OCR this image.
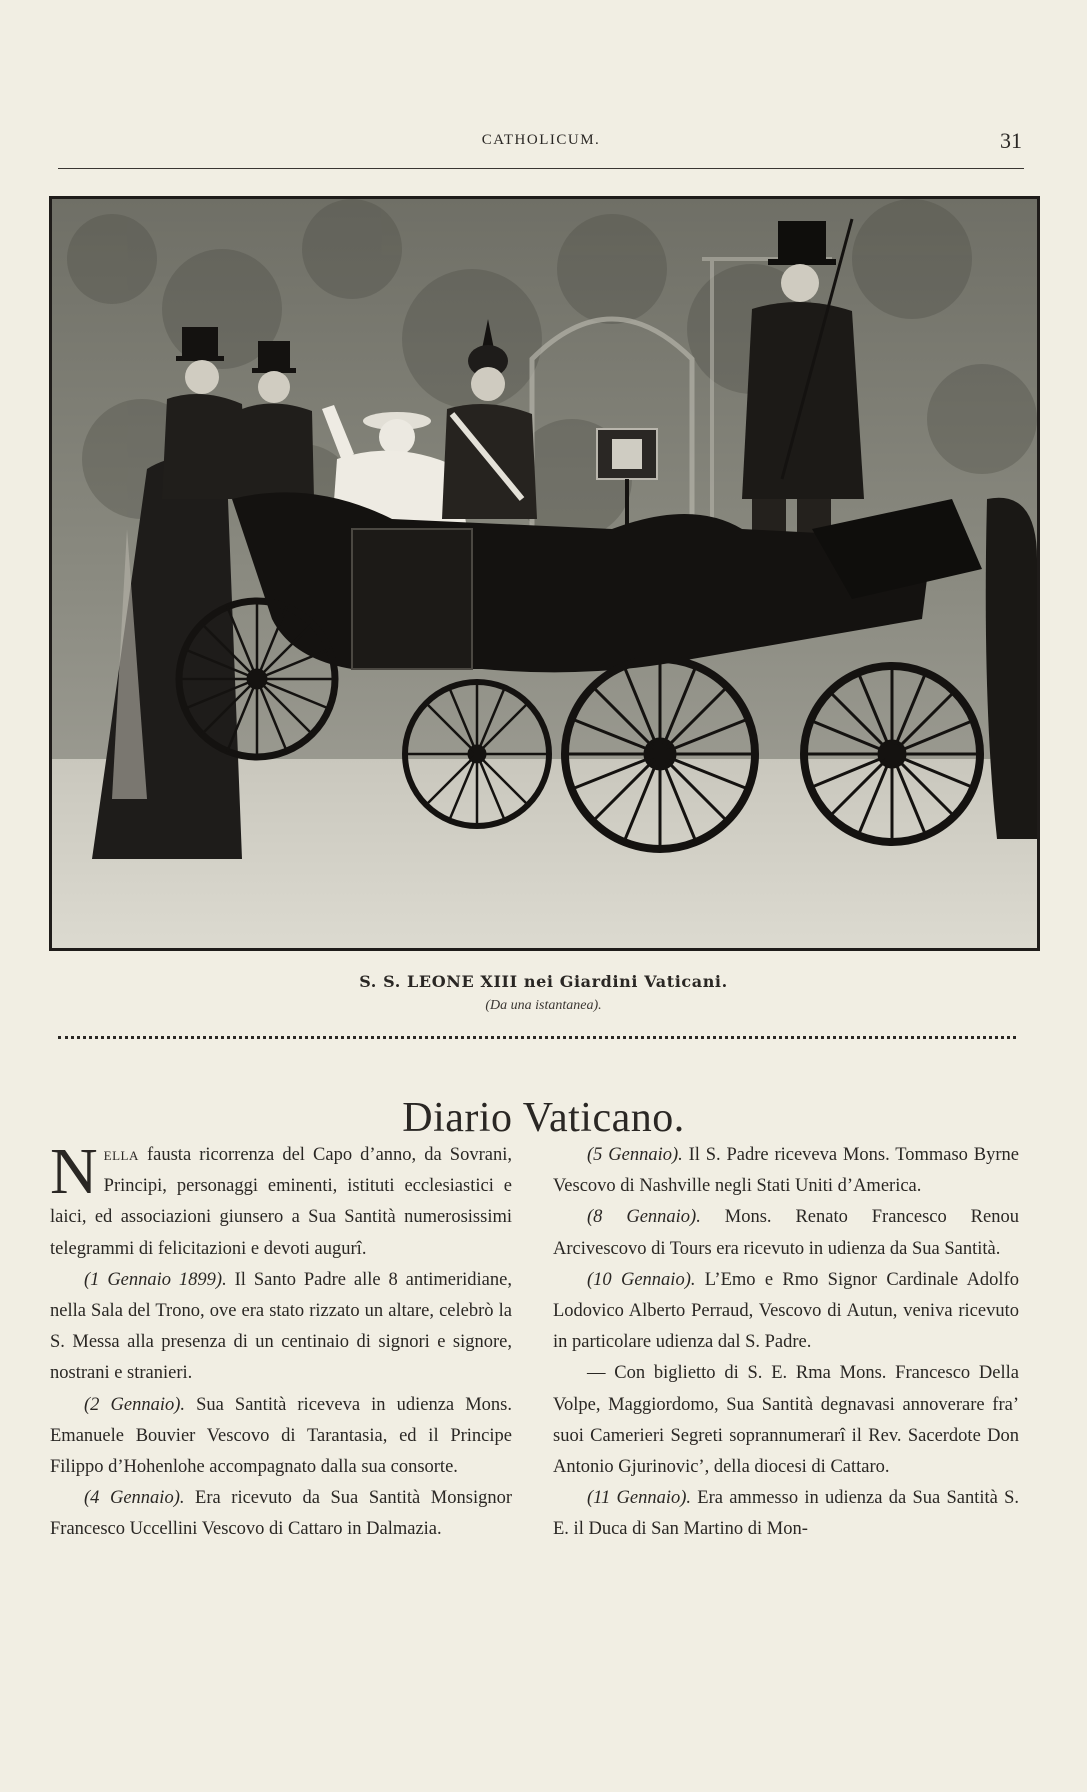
CATHOLICUM.	31
S. S. LEONE XIII nei Giardini Vaticani.
(Da una istantanea).
Diario Vaticano.

Nella fausta ricorrenza del Capo d’anno, da Sovrani, Principi, personaggi eminenti, istituti ecclesiastici e laici, ed associazioni giunsero a Sua Santità numerosissimi telegrammi di felicitazioni e devoti augurî.

(1 Gennaio 1899). Il Santo Padre alle 8 antimeridiane, nella Sala del Trono, ove era stato rizzato un altare, celebrò la S. Messa alla presenza di un centinaio di signori e signore, nostrani e stranieri.

(2 Gennaio). Sua Santità riceveva in udienza Mons. Emanuele Bouvier Vescovo di Tarantasia, ed il Principe Filippo d’Hohenlohe accompagnato dalla sua consorte.

(4 Gennaio). Era ricevuto da Sua Santità Monsignor Francesco Uccellini Vescovo di Cattaro in Dalmazia.

(5 Gennaio). Il S. Padre riceveva Mons. Tommaso Byrne Vescovo di Nashville negli Stati Uniti d’America.

(8 Gennaio). Mons. Renato Francesco Renou Arcivescovo di Tours era ricevuto in udienza da Sua Santità.

(10 Gennaio). L’Emo e Rmo Signor Cardinale Adolfo Lodovico Alberto Perraud, Vescovo di Autun, veniva ricevuto in particolare udienza dal S. Padre.

— Con biglietto di S. E. Rma Mons. Francesco Della Volpe, Maggiordomo, Sua Santità degnavasi annoverare fra’ suoi Camerieri Segreti soprannumerarî il Rev. Sacerdote Don Antonio Gjurinovic’, della diocesi di Cattaro.

(11 Gennaio). Era ammesso in udienza da Sua Santità S. E. il Duca di San Martino di Mon-
